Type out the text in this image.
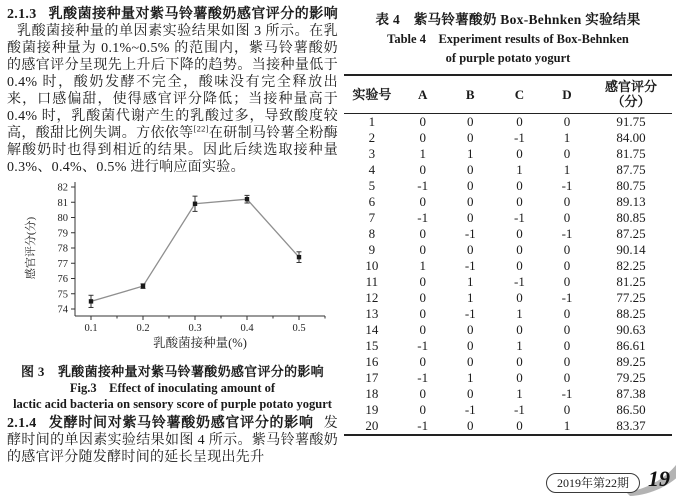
2.1.3 乳酸菌接种量对紫马铃薯酸奶感官评分的影响乳酸菌接种量的单因素实验结果如图 3 所示。在乳酸菌接种量为 0.1%~0.5% 的范围内，紫马铃薯酸奶的感官评分呈现先上升后下降的趋势。当接种量低于 0.4% 时，酸奶发酵不完全，酸味没有完全释放出来，口感偏甜，使得感官评分降低；当接种量高于 0.4% 时，乳酸菌代谢产生的乳酸过多，导致酸度较高，酸甜比例失调。方依依等[22]在研制马铃薯全粉酶解酸奶时也得到相近的结果。因此后续选取接种量 0.3%、0.4%、0.5% 进行响应面实验。

74
75
76
77
78
79
80
81
82
0.1	0.2	0.3	0.4	0.5
感官评分(分)
乳酸菌接种量(%)
图 3　乳酸菌接种量对紫马铃薯酸奶感官评分的影响
Fig.3　Effect of inoculating amount of
lactic acid bacteria on sensory score of purple potato yogurt

2.1.4 发酵时间对紫马铃薯酸奶感官评分的影响 发酵时间的单因素实验结果如图 4 所示。紫马铃薯酸奶的感官评分随发酵时间的延长呈现出先升

表 4　紫马铃薯酸奶 Box-Behnken 实验结果
Table 4　Experiment results of Box-Behnken
of purple potato yogurt
实验号	A	B	C	D	感官评分
（分）
1	0	0	0	0	91.75
2	0	0	-1	1	84.00
3	1	1	0	0	81.75
4	0	0	1	1	87.75
5	-1	0	0	-1	80.75
6	0	0	0	0	89.13
7	-1	0	-1	0	80.85
8	0	-1	0	-1	87.25
9	0	0	0	0	90.14
10	1	-1	0	0	82.25
11	0	1	-1	0	81.25
12	0	1	0	-1	77.25
13	0	-1	1	0	88.25
14	0	0	0	0	90.63
15	-1	0	1	0	86.61
16	0	0	0	0	89.25
17	-1	1	0	0	79.25
18	0	0	1	-1	87.38
19	0	-1	-1	0	86.50
20	-1	0	0	1	83.37
2019年第22期 19
